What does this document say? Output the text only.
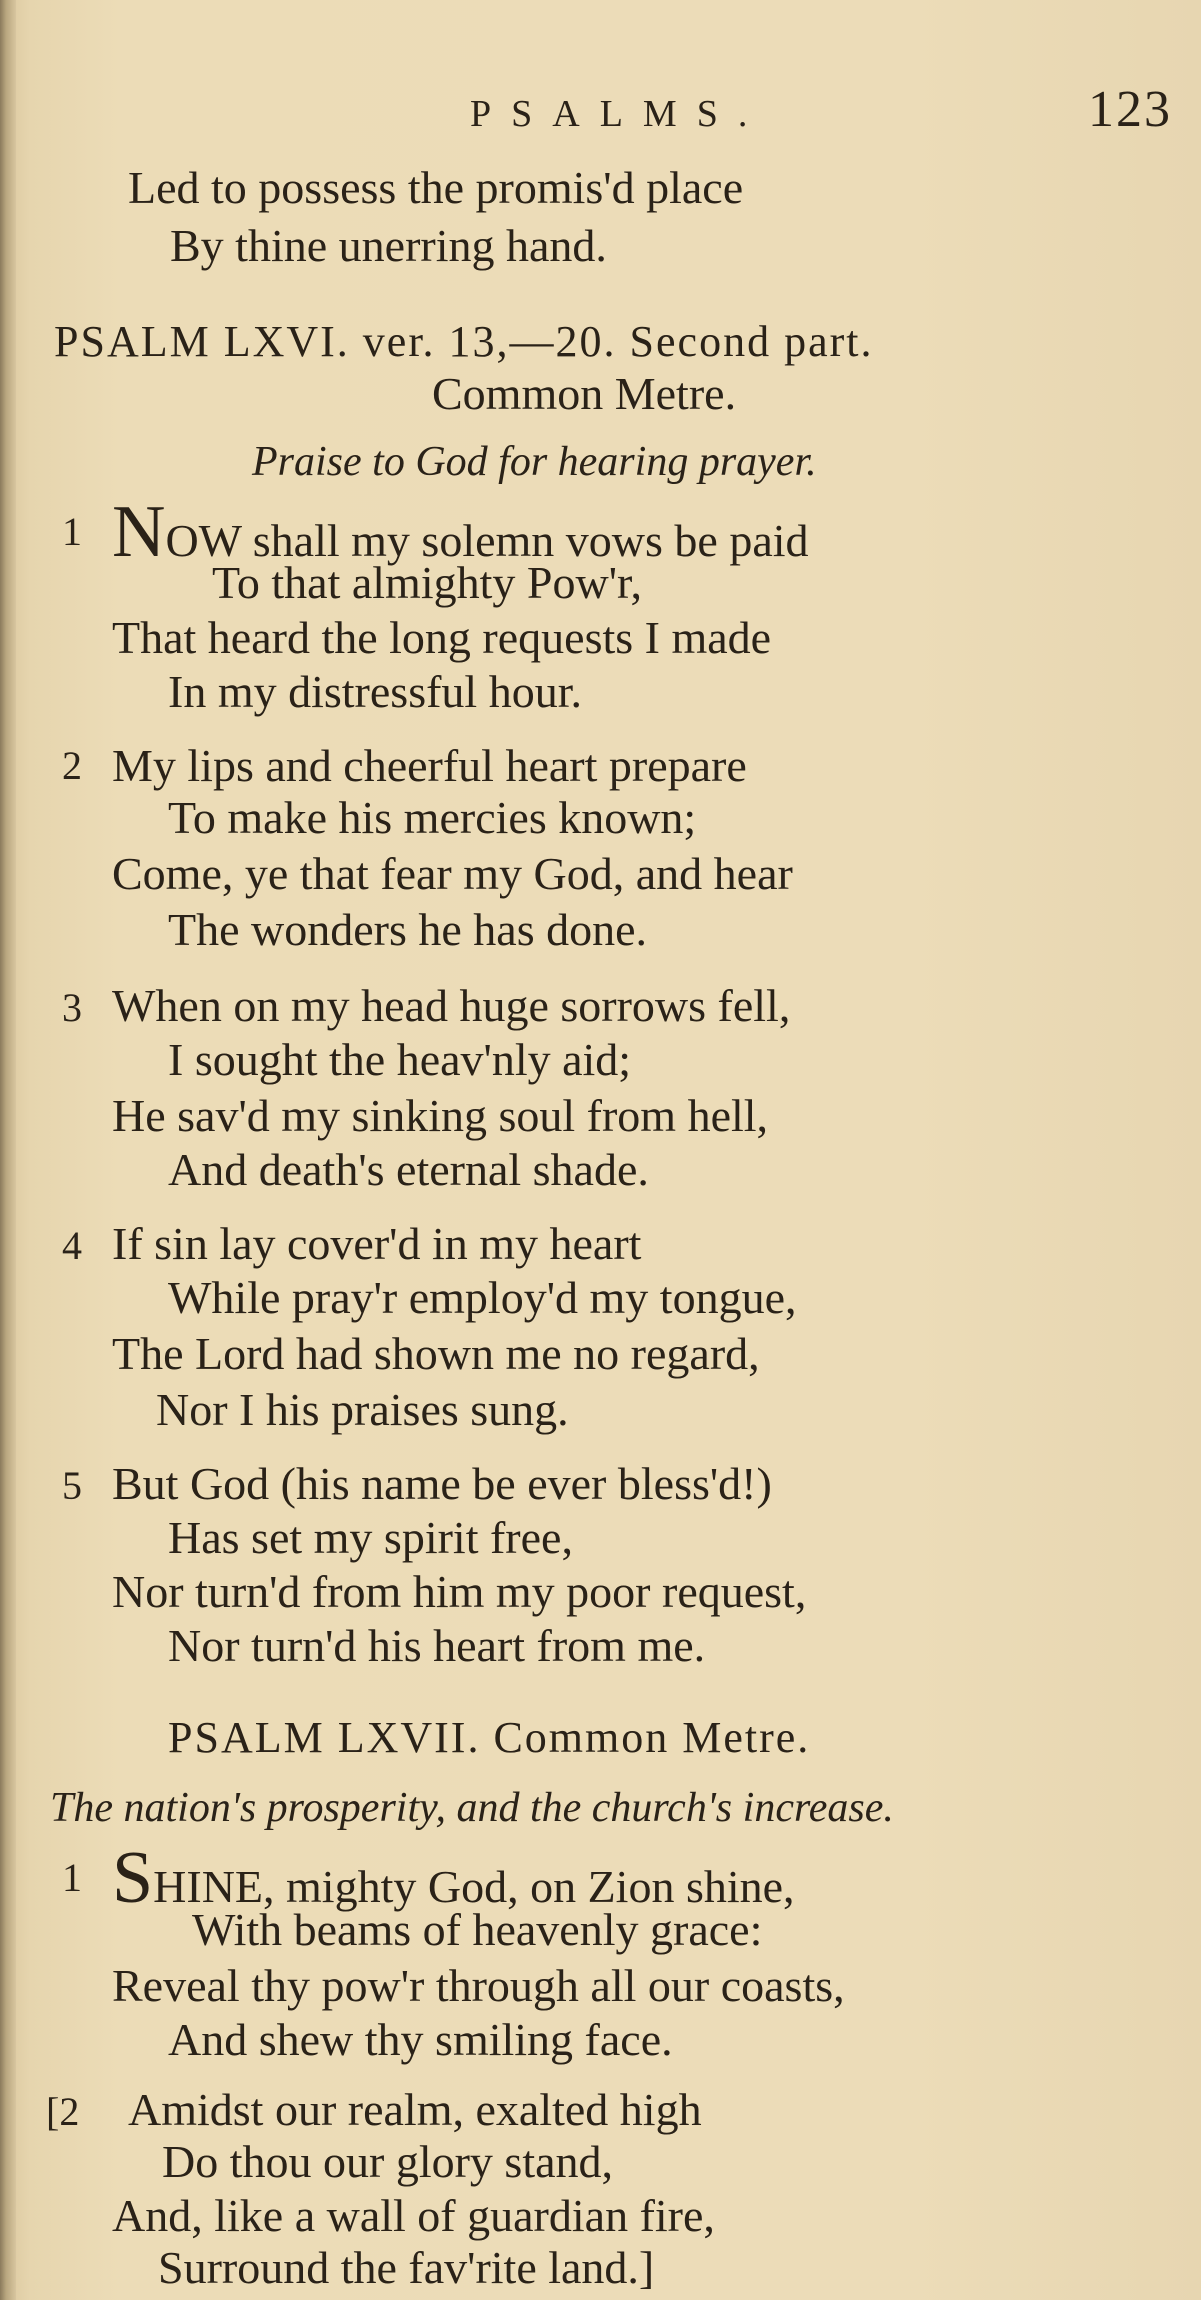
PSALMS.	123
Led to possess the promis'd place
By thine unerring hand.
PSALM LXVI. ver. 13,—20. Second part.
Common Metre.
Praise to God for hearing prayer.
1 NOW shall my solemn vows be paid
To that almighty Pow'r,
That heard the long requests I made
In my distressful hour.
2 My lips and cheerful heart prepare
To make his mercies known;
Come, ye that fear my God, and hear
The wonders he has done.
3 When on my head huge sorrows fell,
I sought the heav'nly aid;
He sav'd my sinking soul from hell,
And death's eternal shade.
4 If sin lay cover'd in my heart
While pray'r employ'd my tongue,
The Lord had shown me no regard,
Nor I his praises sung.
5 But God (his name be ever bless'd!)
Has set my spirit free,
Nor turn'd from him my poor request,
Nor turn'd his heart from me.
PSALM LXVII. Common Metre.
The nation's prosperity, and the church's increase.
1 SHINE, mighty God, on Zion shine,
With beams of heavenly grace:
Reveal thy pow'r through all our coasts,
And shew thy smiling face.
[2 Amidst our realm, exalted high
Do thou our glory stand,
And, like a wall of guardian fire,
Surround the fav'rite land.]
